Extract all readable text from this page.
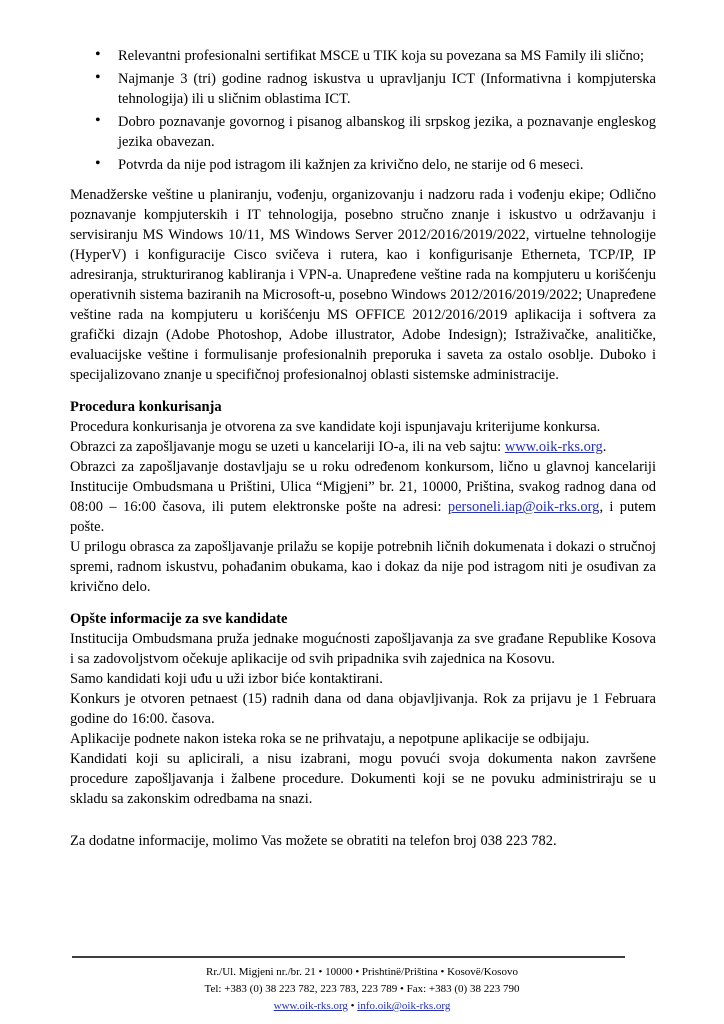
• Relevantni profesionalni sertifikat MSCE u TIK koja su povezana sa MS Family ili slično;
• Najmanje 3 (tri) godine radnog iskustva u upravljanju ICT (Informativna i kompjuterska tehnologija) ili u sličnim oblastima ICT.
• Dobro poznavanje govornog i pisanog albanskog ili srpskog jezika, a poznavanje engleskog jezika obavezan.
• Potvrda da nije pod istragom ili kažnjen za krivično delo, ne starije od 6 meseci.

Menadžerske veštine u planiranju, vođenju, organizovanju i nadzoru rada i vođenju ekipe; Odlično poznavanje kompjuterskih i IT tehnologija, posebno stručno znanje i iskustvo u održavanju i servisiranju MS Windows 10/11, MS Windows Server 2012/2016/2019/2022, virtuelne tehnologije (HyperV) i konfiguracije Cisco svičeva i rutera, kao i konfigurisanje Etherneta, TCP/IP, IP adresiranja, strukturiranog kabliranja i VPN-a. Unapređene veštine rada na kompjuteru u korišćenju operativnih sistema baziranih na Microsoft-u, posebno Windows 2012/2016/2019/2022; Unapređene veštine rada na kompjuteru u korišćenju MS OFFICE 2012/2016/2019 aplikacija i softvera za grafički dizajn (Adobe Photoshop, Adobe illustrator, Adobe Indesign); Istraživačke, analitičke, evaluacijske veštine i formulisanje profesionalnih preporuka i saveta za ostalo osoblje. Duboko i specijalizovano znanje u specifičnoj profesionalnoj oblasti sistemske administracije.

Procedura konkurisanja

Procedura konkurisanja je otvorena za sve kandidate koji ispunjavaju kriterijume konkursa.

Obrazci za zapošljavanje mogu se uzeti u kancelariji IO-a, ili na veb sajtu: www.oik-rks.org.

Obrazci za zapošljavanje dostavljaju se u roku određenom konkursom, lično u glavnoj kancelariji Institucije Ombudsmana u Prištini, Ulica “Migjeni” br. 21, 10000, Priština, svakog radnog dana od 08:00 – 16:00 časova, ili putem elektronske pošte na adresi: personeli.iap@oik-rks.org, i putem pošte.

U prilogu obrasca za zapošljavanje prilažu se kopije potrebnih ličnih dokumenata i dokazi o stručnoj spremi, radnom iskustvu, pohađanim obukama, kao i dokaz da nije pod istragom niti je osuđivan za krivično delo.

Opšte informacije za sve kandidate

Institucija Ombudsmana pruža jednake mogućnosti zapošljavanja za sve građane Republike Kosova i sa zadovoljstvom očekuje aplikacije od svih pripadnika svih zajednica na Kosovu.

Samo kandidati koji uđu u uži izbor biće kontaktirani.

Konkurs je otvoren petnaest (15) radnih dana od dana objavljivanja. Rok za prijavu je 1 Februara godine do 16:00. časova.

Aplikacije podnete nakon isteka roka se ne prihvataju, a nepotpune aplikacije se odbijaju.

Kandidati koji su aplicirali, a nisu izabrani, mogu povući svoja dokumenta nakon završene procedure zapošljavanja i žalbene procedure. Dokumenti koji se ne povuku administriraju se u skladu sa zakonskim odredbama na snazi.

Za dodatne informacije, molimo Vas možete se obratiti na telefon broj 038 223 782.

Rr./Ul. Migjeni nr./br. 21 • 10000 • Prishtinë/Priština • Kosovë/Kosovo
Tel: +383 (0) 38 223 782, 223 783, 223 789 • Fax: +383 (0) 38 223 790
www.oik-rks.org • info.oik@oik-rks.org
